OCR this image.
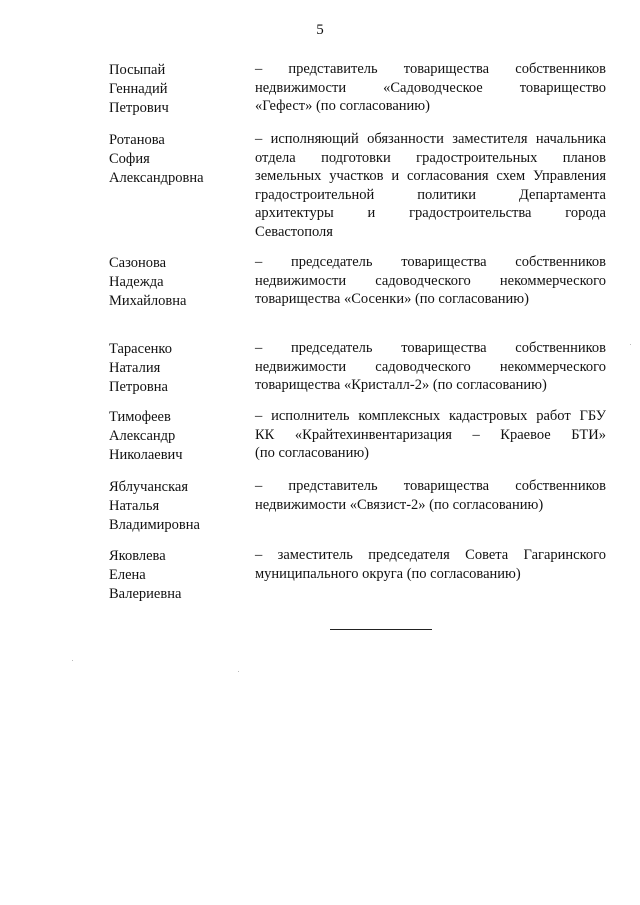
5
Посыпай
Геннадий
Петрович
– представитель товарищества собственников
недвижимости «Садоводческое товарищество
«Гефест» (по согласованию)
Ротанова
София
Александровна
– исполняющий обязанности заместителя начальника
отдела подготовки градостроительных планов
земельных участков и согласования схем Управления
градостроительной политики Департамента
архитектуры и градостроительства города
Севастополя
Сазонова
Надежда
Михайловна
– председатель товарищества собственников
недвижимости садоводческого некоммерческого
товарищества «Сосенки» (по согласованию)
Тарасенко
Наталия
Петровна
– председатель товарищества собственников
недвижимости садоводческого некоммерческого
товарищества «Кристалл-2» (по согласованию)
Тимофеев
Александр
Николаевич
– исполнитель комплексных кадастровых работ ГБУ
КК «Крайтехинвентаризация – Краевое БТИ»
(по согласованию)
Яблучанская
Наталья
Владимировна
– представитель товарищества собственников
недвижимости «Связист-2» (по согласованию)
Яковлева
Елена
Валериевна
– заместитель председателя Совета Гагаринского
муниципального округа (по согласованию)
